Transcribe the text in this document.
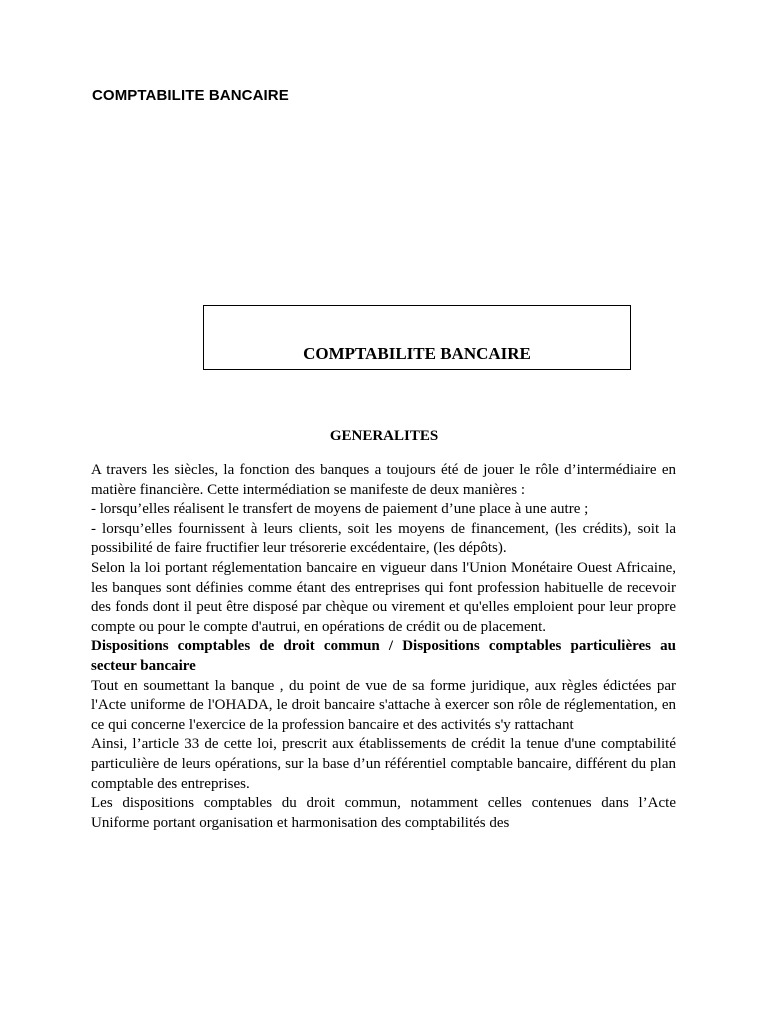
COMPTABILITE BANCAIRE
COMPTABILITE BANCAIRE
GENERALITES

A travers les siècles, la fonction des banques a toujours été de jouer le rôle d’intermédiaire en matière financière. Cette intermédiation se manifeste de deux manières :

- lorsqu’elles réalisent le transfert de moyens de paiement d’une place à une autre ;

- lorsqu’elles fournissent à leurs clients, soit les moyens de financement, (les crédits), soit la possibilité de faire fructifier leur trésorerie excédentaire, (les dépôts).

Selon la loi portant réglementation bancaire en vigueur dans l'Union Monétaire Ouest Africaine, les banques sont définies comme étant des entreprises qui font profession habituelle de recevoir des fonds dont il peut être disposé par chèque ou virement et qu'elles emploient pour leur propre compte ou pour le compte d'autrui, en opérations de crédit ou de placement.

Dispositions comptables de droit commun / Dispositions comptables particulières au secteur bancaire

Tout en soumettant la banque , du point de vue de sa forme juridique, aux règles édictées par l'Acte uniforme de l'OHADA, le droit bancaire s'attache à exercer son rôle de réglementation, en ce qui concerne l'exercice de la profession bancaire et des activités s'y rattachant

Ainsi, l’article 33 de cette loi, prescrit aux établissements de crédit la tenue d'une comptabilité particulière de leurs opérations, sur la base d’un référentiel comptable bancaire, différent du plan comptable des entreprises.

Les dispositions comptables du droit commun, notamment celles contenues dans l’Acte Uniforme portant organisation et harmonisation des comptabilités des
